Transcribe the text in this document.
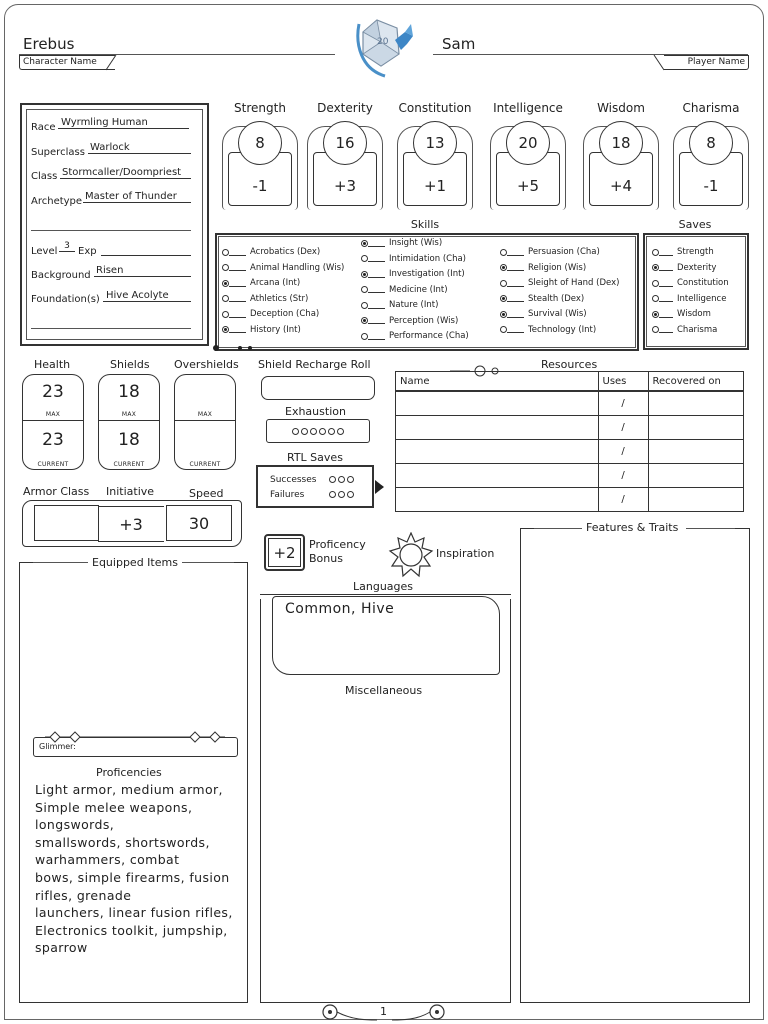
Erebus
Character Name
20	Sam
Player Name
Race Wyrmling Human
Superclass Warlock
Class Stormcaller/Doompriest
Archetype Master of Thunder
Level 3 Exp
Background Risen
Foundation(s) Hive Acolyte
Strength
-1
8
Dexterity
+3
16
Constitution
+1
13
Intelligence
+5
20
Wisdom
+4
18
Charisma
-1
8
Skills
Acrobatics (Dex)
Animal Handling (Wis)
Arcana (Int)
Athletics (Str)
Deception (Cha)
History (Int)
Insight (Wis)
Intimidation (Cha)
Investigation (Int)
Medicine (Int)
Nature (Int)
Perception (Wis)
Performance (Cha)
Persuasion (Cha)
Religion (Wis)
Sleight of Hand (Dex)
Stealth (Dex)
Survival (Wis)
Technology (Int)
Saves
Strength
Dexterity
Constitution
Intelligence
Wisdom
Charisma
Health
23
MAX
23
CURRENT
Shields
18
MAX
18
CURRENT
Overshields
MAX
CURRENT
Shield Recharge Roll
Exhaustion
RTL Saves
Successes
Failures
Resources
Name	Uses	Recovered on
	/	
	/	
	/	
	/	
	/	
Armor Class Initiative	Speed
+3	30
+2	Proficency
Bonus	Inspiration
Features & Traits
Equipped Items
Glimmer:
Proficencies
Light armor, medium armor,
Simple melee weapons,
longswords,
smallswords, shortswords,
warhammers, combat
bows, simple firearms, fusion
rifles, grenade
launchers, linear fusion rifles,
Electronics toolkit, jumpship,
sparrow
Languages
Common, Hive
Miscellaneous
1
